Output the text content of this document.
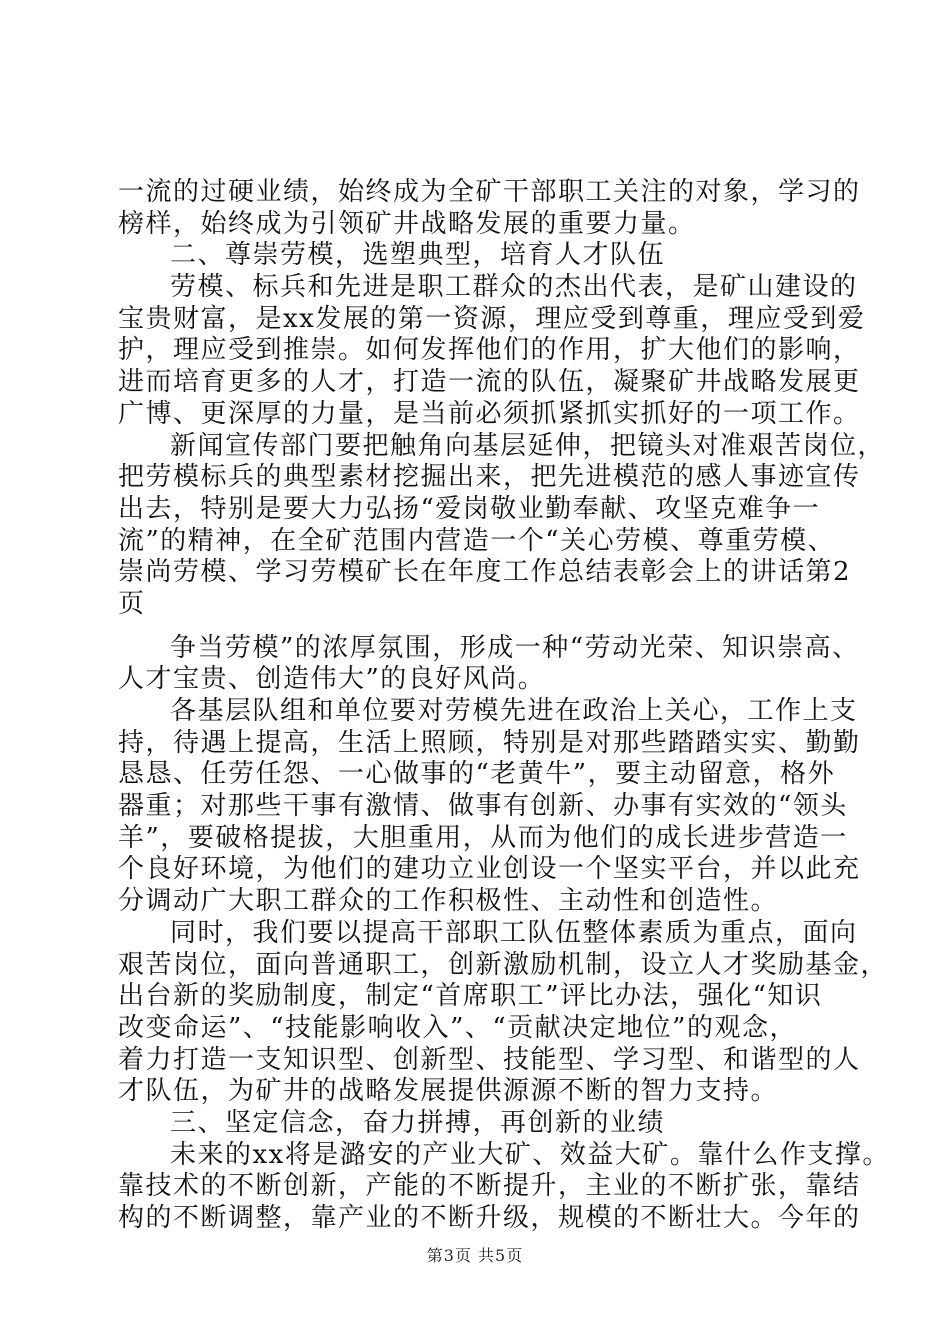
一流的过硬业绩，始终成为全矿干部职工关注的对象，学习的
榜样，始终成为引领矿井战略发展的重要力量。
二、尊崇劳模，选塑典型，培育人才队伍
劳模、标兵和先进是职工群众的杰出代表，是矿山建设的
宝贵财富，是xx发展的第一资源，理应受到尊重，理应受到爱
护，理应受到推崇。如何发挥他们的作用，扩大他们的影响，
进而培育更多的人才，打造一流的队伍，凝聚矿井战略发展更
广博、更深厚的力量，是当前必须抓紧抓实抓好的一项工作。
新闻宣传部门要把触角向基层延伸，把镜头对准艰苦岗位，
把劳模标兵的典型素材挖掘出来，把先进模范的感人事迹宣传
出去，特别是要大力弘扬“爱岗敬业勤奉献、攻坚克难争一
流”的精神，在全矿范围内营造一个“关心劳模、尊重劳模、
崇尚劳模、学习劳模矿长在年度工作总结表彰会上的讲话第2
页
争当劳模”的浓厚氛围，形成一种“劳动光荣、知识崇高、
人才宝贵、创造伟大”的良好风尚。
各基层队组和单位要对劳模先进在政治上关心，工作上支
持，待遇上提高，生活上照顾，特别是对那些踏踏实实、勤勤
恳恳、任劳任怨、一心做事的“老黄牛”，要主动留意，格外
器重；对那些干事有激情、做事有创新、办事有实效的“领头
羊”，要破格提拔，大胆重用，从而为他们的成长进步营造一
个良好环境，为他们的建功立业创设一个坚实平台，并以此充
分调动广大职工群众的工作积极性、主动性和创造性。
同时，我们要以提高干部职工队伍整体素质为重点，面向
艰苦岗位，面向普通职工，创新激励机制，设立人才奖励基金，
出台新的奖励制度，制定“首席职工”评比办法，强化“知识
改变命运”、“技能影响收入”、“贡献决定地位”的观念，
着力打造一支知识型、创新型、技能型、学习型、和谐型的人
才队伍，为矿井的战略发展提供源源不断的智力支持。
三、坚定信念，奋力拼搏，再创新的业绩
未来的xx将是潞安的产业大矿、效益大矿。靠什么作支撑。
靠技术的不断创新，产能的不断提升，主业的不断扩张，靠结
构的不断调整，靠产业的不断升级，规模的不断壮大。今年的
第3页 共5页
